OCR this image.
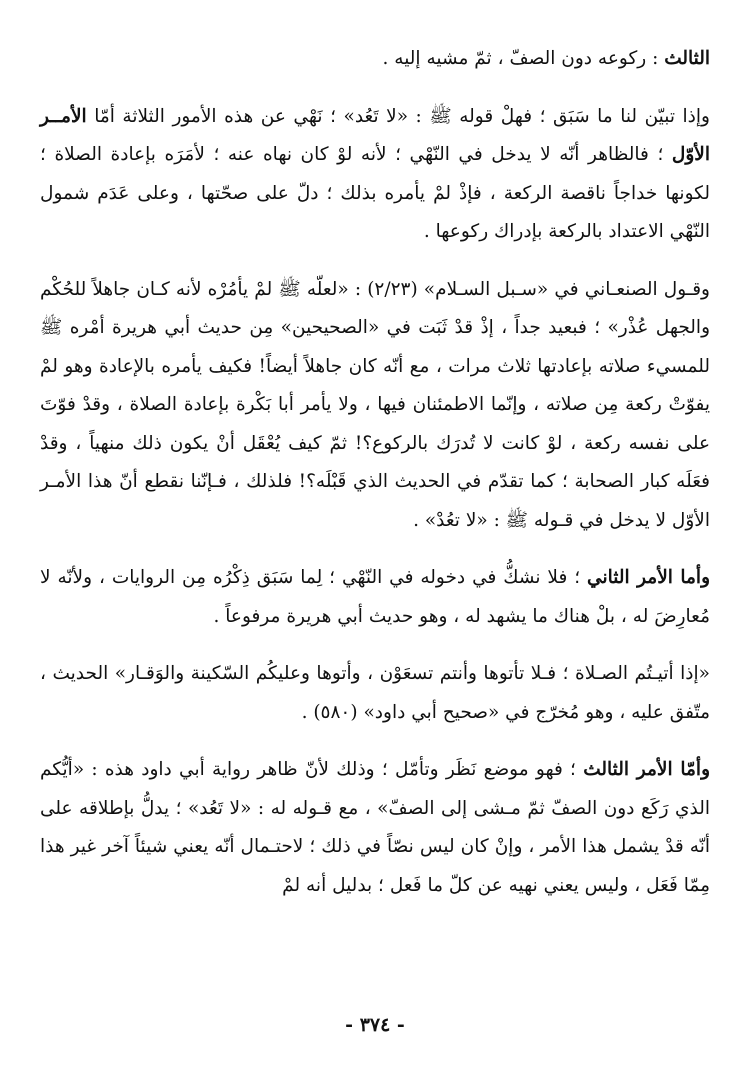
الثالث : ركوعه دون الصفّ ، ثمّ مشيه إليه .

وإذا تبيّن لنا ما سَبَق ؛ فهلْ قوله ﷺ : «لا تَعُد» ؛ نَهْي عن هذه الأمور الثلاثة أمّا الأمــر الأوّل ؛ فالظاهر أنّه لا يدخل في النّهْي ؛ لأنه لوْ كان نهاه عنه ؛ لأمَرَه بإعادة الصلاة ؛ لكونها خداجاً ناقصة الركعة ، فإذْ لمْ يأمره بذلك ؛ دلّ على صحّتها ، وعلى عَدَم شمول النّهْي الاعتداد بالركعة بإدراك ركوعها .

وقـول الصنعـاني في «سـبل السـلام» (٢/٢٣) : «لعلّه ﷺ لمْ يأمُرْه لأنه كـان جاهلاً للحُكْم والجهل عُذْر» ؛ فبعيد جداً ، إذْ قدْ ثَبَت في «الصحيحين» مِن حديث أبي هريرة أمْره ﷺ للمسيء صلاته بإعادتها ثلاث مرات ، مع أنّه كان جاهلاً أيضاً! فكيف يأمره بالإعادة وهو لمْ يفوّتْ ركعة مِن صلاته ، وإنّما الاطمئنان فيها ، ولا يأمر أبا بَكْرة بإعادة الصلاة ، وقدْ فوّتَ على نفسه ركعة ، لوْ كانت لا تُدرَك بالركوع؟! ثمّ كيف يُعْقَل أنْ يكون ذلك منهياً ، وقدْ فعَلَه كبار الصحابة ؛ كما تقدّم في الحديث الذي قَبْلَه؟! فلذلك ، فـإنّنا نقطع أنّ هذا الأمـر الأوّل لا يدخل في قـوله ﷺ : «لا تعُدْ» .

وأما الأمر الثاني ؛ فلا نشكُّ في دخوله في النّهْي ؛ لِما سَبَق ذِكْرُه مِن الروايات ، ولأنّه لا مُعارِضَ له ، بلْ هناك ما يشهد له ، وهو حديث أبي هريرة مرفوعاً .

«إذا أتيـتُم الصـلاة ؛ فـلا تأتوها وأنتم تسعَوْن ، وأتوها وعليكُم السّكينة والوَقـار» الحديث ، متّفق عليه ، وهو مُخرّج في «صحيح أبي داود» (٥٨٠) .

وأمّا الأمر الثالث ؛ فهو موضع نَظَر وتأمّل ؛ وذلك لأنّ ظاهر رواية أبي داود هذه : «أيُّكم الذي رَكَع دون الصفّ ثمّ مـشى إلى الصفّ» ، مع قـوله له : «لا تَعُد» ؛ يدلُّ بإطلاقه على أنّه قدْ يشمل هذا الأمر ، وإنْ كان ليس نصّاً في ذلك ؛ لاحتـمال أنّه يعني شيئاً آخر غير هذا مِمّا فَعَل ، وليس يعني نهيه عن كلّ ما فَعل ؛ بدليل أنه لمْ

- ٣٧٤ -
